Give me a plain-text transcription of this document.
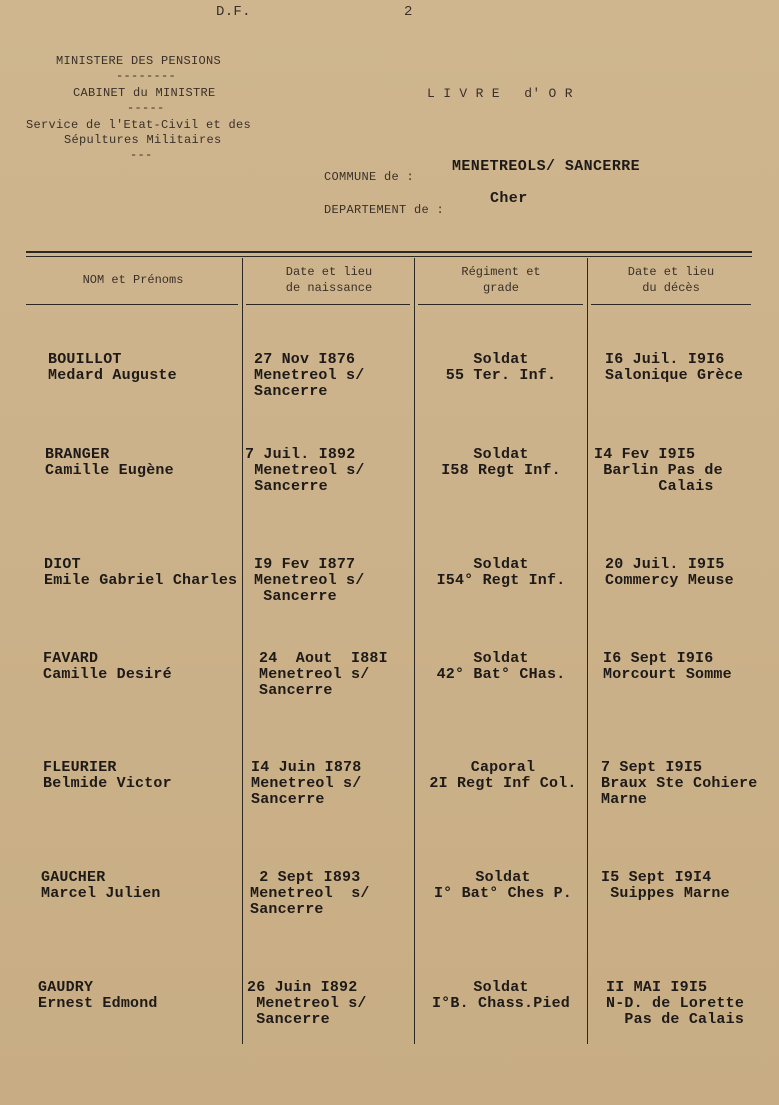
D.F.	2
MINISTERE DES PENSIONS
--------
CABINET du MINISTRE
-----
Service de l'Etat-Civil et des
Sépultures Militaires
---
L I V R E   d' O R
COMMUNE de :
MENETREOLS/ SANCERRE
DEPARTEMENT de :
Cher
NOM et Prénoms
Date et lieu
de naissance
Régiment et
grade
Date et lieu
du décès
BOUILLOT
Medard Auguste
27 Nov I876
Menetreol s/
Sancerre
Soldat
55 Ter. Inf.
I6 Juil. I9I6
Salonique Grèce
BRANGER
Camille Eugène
7 Juil. I892
Menetreol s/
Sancerre
Soldat
I58 Regt Inf.
I4 Fev I9I5
Barlin Pas de
Calais
DIOT
Emile Gabriel Charles
I9 Fev I877
Menetreol s/
Sancerre
Soldat
I54° Regt Inf.
20 Juil. I9I5
Commercy Meuse
FAVARD
Camille Desiré
24  Aout  I88I
Menetreol s/
Sancerre
Soldat
42° Bat° CHas.
I6 Sept I9I6
Morcourt Somme
FLEURIER
Belmide Victor
I4 Juin I878
Menetreol s/
Sancerre
Caporal
2I Regt Inf Col.
7 Sept I9I5
Braux Ste Cohiere
Marne
GAUCHER
Marcel Julien
2 Sept I893
Menetreol  s/
Sancerre
Soldat
I° Bat° Ches P.
I5 Sept I9I4
Suippes Marne
GAUDRY
Ernest Edmond
26 Juin I892
Menetreol s/
Sancerre
Soldat
I°B. Chass.Pied
II MAI I9I5
N-D. de Lorette
Pas de Calais
